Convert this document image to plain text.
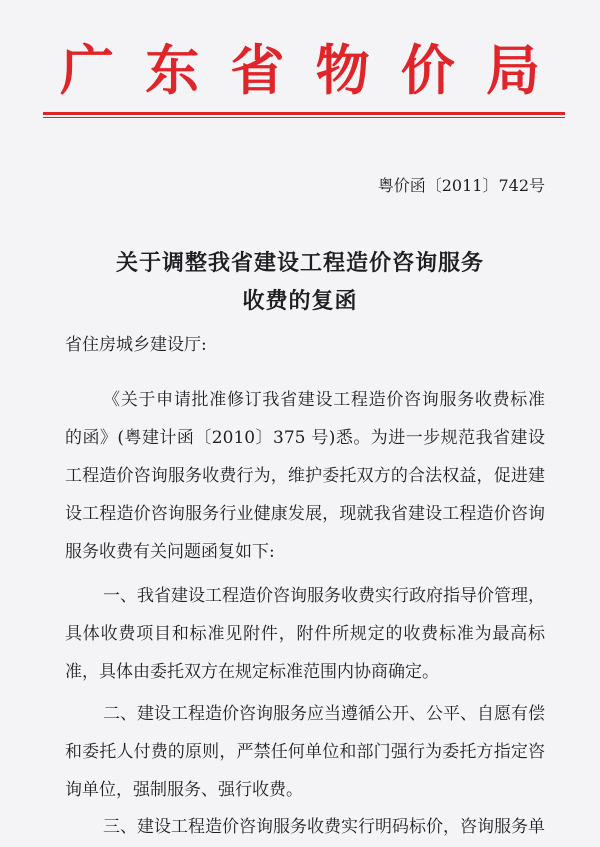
广 东 省 物 价 局
粤价函〔2011〕742号
关于调整我省建设工程造价咨询服务
收费的复函
省住房城乡建设厅:
《关于申请批准修订我省建设工程造价咨询服务收费标准
的函》(粤建计函〔2010〕375 号)悉。为进一步规范我省建设
工程造价咨询服务收费行为，维护委托双方的合法权益，促进建
设工程造价咨询服务行业健康发展，现就我省建设工程造价咨询
服务收费有关问题函复如下:
一、我省建设工程造价咨询服务收费实行政府指导价管理，
具体收费项目和标准见附件，附件所规定的收费标准为最高标
准，具体由委托双方在规定标准范围内协商确定。
二、建设工程造价咨询服务应当遵循公开、公平、自愿有偿
和委托人付费的原则，严禁任何单位和部门强行为委托方指定咨
询单位，强制服务、强行收费。
三、建设工程造价咨询服务收费实行明码标价，咨询服务单
